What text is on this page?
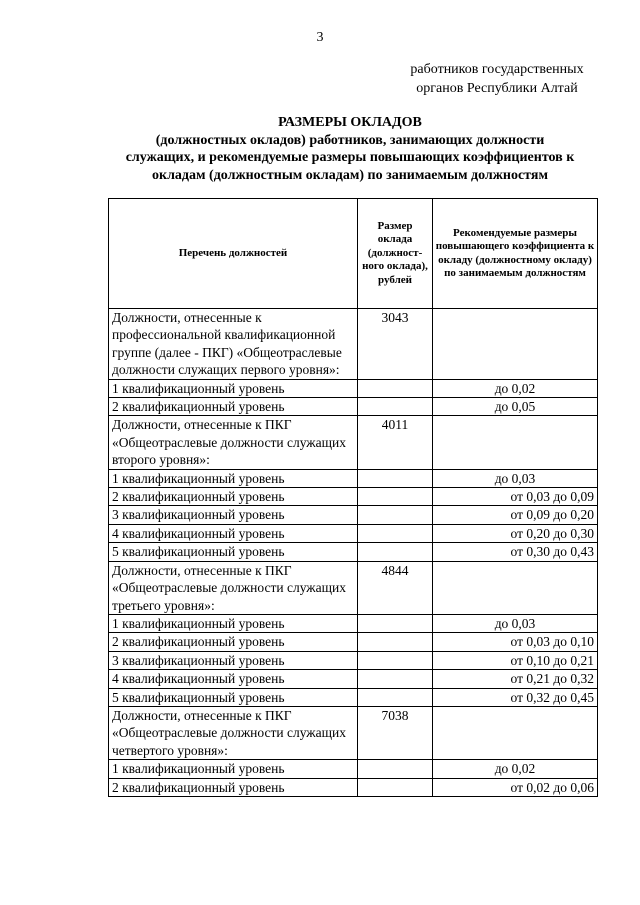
3
работников государственных
органов Республики Алтай
РАЗМЕРЫ ОКЛАДОВ
(должностных окладов) работников, занимающих должности
служащих, и рекомендуемые размеры повышающих коэффициентов к
окладам (должностным окладам) по занимаемым должностям
Перечень должностей	Размер оклада (должност-ного оклада), рублей	Рекомендуемые размеры повышающего коэффициента к окладу (должностному окладу) по занимаемым должностям
Должности, отнесенные к профессиональной квалификационной группе (далее - ПКГ) «Общеотраслевые должности служащих первого уровня»:	3043	
1 квалификационный уровень		до 0,02
2 квалификационный уровень		до 0,05
Должности, отнесенные к ПКГ «Общеотраслевые должности служащих второго уровня»:	4011	
1 квалификационный уровень		до 0,03
2 квалификационный уровень		от 0,03 до 0,09
3 квалификационный уровень		от 0,09 до 0,20
4 квалификационный уровень		от 0,20 до 0,30
5 квалификационный уровень		от 0,30 до 0,43
Должности, отнесенные к ПКГ «Общеотраслевые должности служащих третьего уровня»:	4844	
1 квалификационный уровень		до 0,03
2 квалификационный уровень		от 0,03 до 0,10
3 квалификационный уровень		от 0,10 до 0,21
4 квалификационный уровень		от 0,21 до 0,32
5 квалификационный уровень		от 0,32 до 0,45
Должности, отнесенные к ПКГ «Общеотраслевые должности служащих четвертого уровня»:	7038	
1 квалификационный уровень		до 0,02
2 квалификационный уровень		от 0,02 до 0,06
